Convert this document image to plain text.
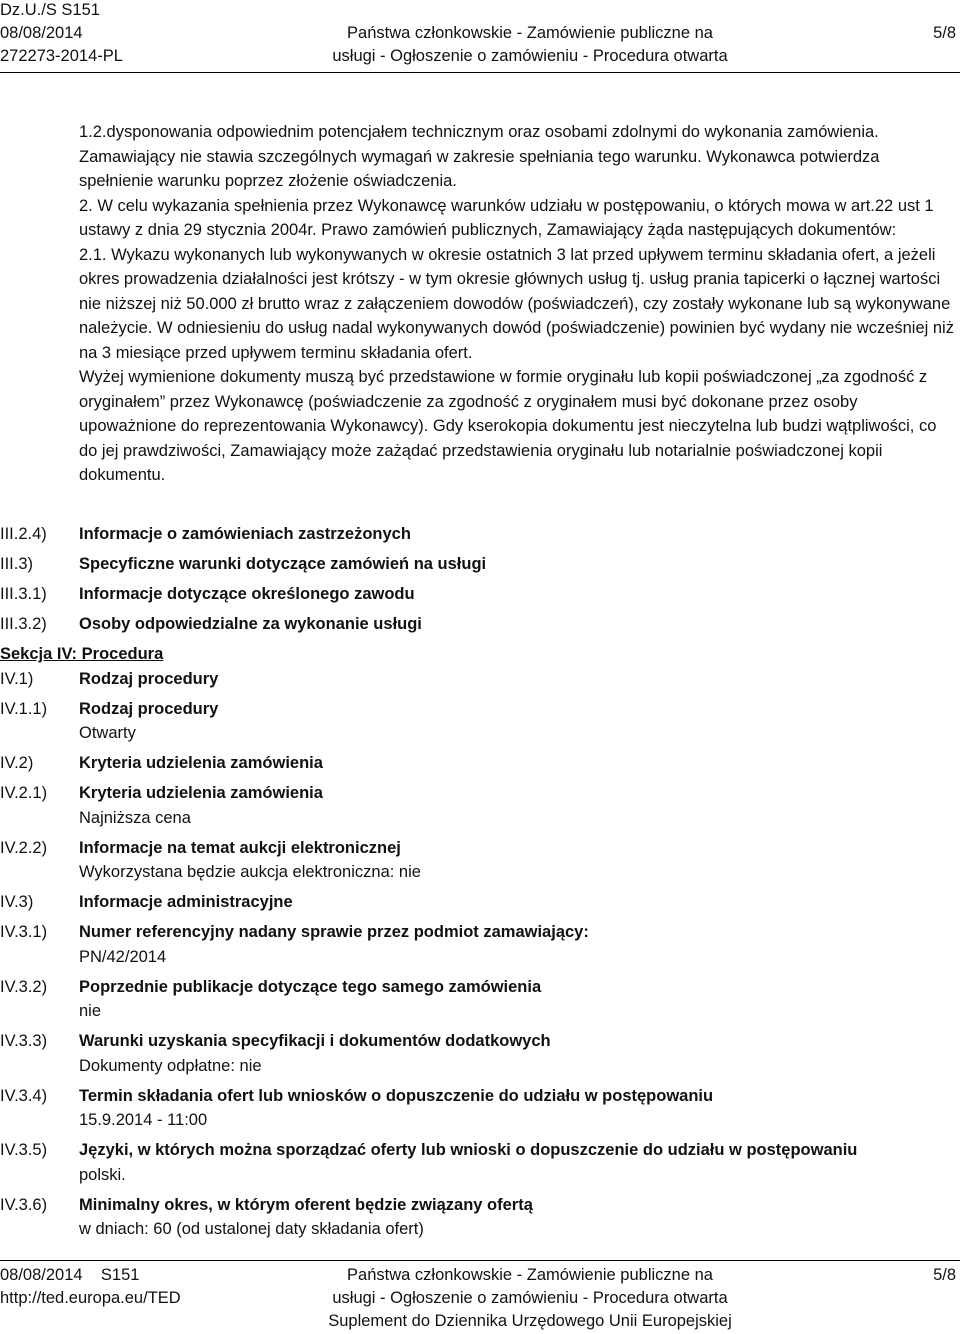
Dz.U./S S151
08/08/2014
272273-2014-PL
Państwa członkowskie - Zamówienie publiczne na
usługi - Ogłoszenie o zamówieniu - Procedura otwarta
5/8

1.2.dysponowania odpowiednim potencjałem technicznym oraz osobami zdolnymi do wykonania zamówienia. Zamawiający nie stawia szczególnych wymagań w zakresie spełniania tego warunku. Wykonawca potwierdza spełnienie warunku poprzez złożenie oświadczenia.

2. W celu wykazania spełnienia przez Wykonawcę warunków udziału w postępowaniu, o których mowa w art.22 ust 1 ustawy z dnia 29 stycznia 2004r. Prawo zamówień publicznych, Zamawiający żąda następujących dokumentów:

2.1. Wykazu wykonanych lub wykonywanych w okresie ostatnich 3 lat przed upływem terminu składania ofert, a jeżeli okres prowadzenia działalności jest krótszy - w tym okresie głównych usług tj. usług prania tapicerki o łącznej wartości nie niższej niż 50.000 zł brutto wraz z załączeniem dowodów (poświadczeń), czy zostały wykonane lub są wykonywane należycie. W odniesieniu do usług nadal wykonywanych dowód (poświadczenie) powinien być wydany nie wcześniej niż na 3 miesiące przed upływem terminu składania ofert.

Wyżej wymienione dokumenty muszą być przedstawione w formie oryginału lub kopii poświadczonej „za zgodność z oryginałem” przez Wykonawcę (poświadczenie za zgodność z oryginałem musi być dokonane przez osoby upoważnione do reprezentowania Wykonawcy). Gdy kserokopia dokumentu jest nieczytelna lub budzi wątpliwości, co do jej prawdziwości, Zamawiający może zażądać przedstawienia oryginału lub notarialnie poświadczonej kopii dokumentu.

III.2.4) Informacje o zamówieniach zastrzeżonych
III.3)	Specyficzne warunki dotyczące zamówień na usługi
III.3.1) Informacje dotyczące określonego zawodu
III.3.2) Osoby odpowiedzialne za wykonanie usługi
Sekcja IV: Procedura
IV.1)	Rodzaj procedury
IV.1.1) Rodzaj procedury
Otwarty
IV.2)	Kryteria udzielenia zamówienia
IV.2.1) Kryteria udzielenia zamówienia
Najniższa cena
IV.2.2) Informacje na temat aukcji elektronicznej
Wykorzystana będzie aukcja elektroniczna: nie
IV.3)	Informacje administracyjne
IV.3.1) Numer referencyjny nadany sprawie przez podmiot zamawiający:
PN/42/2014
IV.3.2) Poprzednie publikacje dotyczące tego samego zamówienia
nie
IV.3.3) Warunki uzyskania specyfikacji i dokumentów dodatkowych
Dokumenty odpłatne: nie
IV.3.4) Termin składania ofert lub wniosków o dopuszczenie do udziału w postępowaniu
15.9.2014 - 11:00
IV.3.5) Języki, w których można sporządzać oferty lub wnioski o dopuszczenie do udziału w postępowaniu
polski.
IV.3.6) Minimalny okres, w którym oferent będzie związany ofertą
w dniach: 60 (od ustalonej daty składania ofert)
08/08/2014    S151
http://ted.europa.eu/TED
Państwa członkowskie - Zamówienie publiczne na
usługi - Ogłoszenie o zamówieniu - Procedura otwarta
Suplement do Dziennika Urzędowego Unii Europejskiej
5/8
